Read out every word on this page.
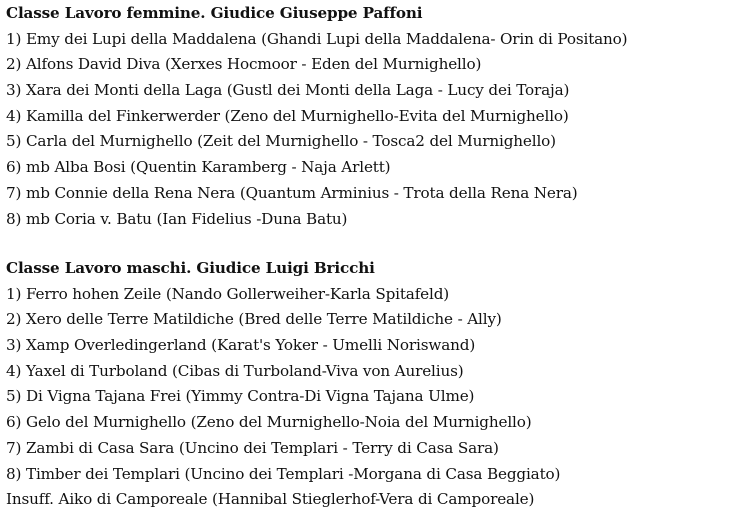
Classe Lavoro femmine. Giudice Giuseppe Paffoni
1) Emy dei Lupi della Maddalena (Ghandi Lupi della Maddalena- Orin di Positano)
2) Alfons David Diva (Xerxes Hocmoor - Eden del Murnighello)
3) Xara dei Monti della Laga (Gustl dei Monti della Laga - Lucy dei Toraja)
4) Kamilla del Finkerwerder (Zeno del Murnighello-Evita del Murnighello)
5) Carla del Murnighello (Zeit del Murnighello - Tosca2 del Murnighello)
6) mb Alba Bosi (Quentin Karamberg - Naja Arlett)
7) mb Connie della Rena Nera (Quantum Arminius - Trota della Rena Nera)
8) mb Coria v. Batu (Ian Fidelius -Duna Batu)
Classe Lavoro maschi. Giudice Luigi Bricchi
1) Ferro hohen Zeile (Nando Gollerweiher-Karla Spitafeld)
2) Xero delle Terre Matildiche (Bred delle Terre Matildiche - Ally)
3) Xamp Overledingerland (Karat's Yoker - Umelli Noriswand)
4) Yaxel di Turboland (Cibas di Turboland-Viva von Aurelius)
5) Di Vigna Tajana Frei (Yimmy Contra-Di Vigna Tajana Ulme)
6) Gelo del Murnighello (Zeno del Murnighello-Noia del Murnighello)
7) Zambi di Casa Sara (Uncino dei Templari - Terry di Casa Sara)
8) Timber dei Templari (Uncino dei Templari -Morgana di Casa Beggiato)
Insuff. Aiko di Camporeale (Hannibal Stieglerhof-Vera di Camporeale)
